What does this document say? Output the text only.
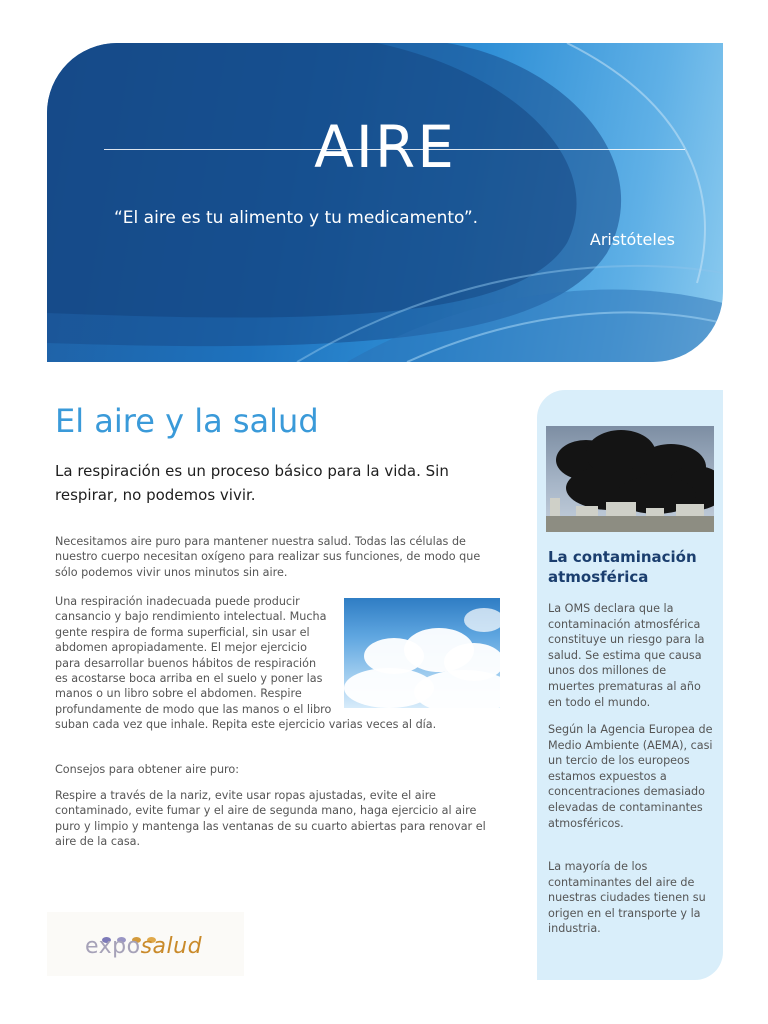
AIRE
“El aire es tu alimento y tu medicamento”.
Aristóteles
El aire y la salud
La respiración es un proceso básico para la vida. Sin respirar, no podemos vivir.
Necesitamos aire puro para mantener nuestra salud. Todas las células de nuestro cuerpo necesitan oxígeno para realizar sus funciones, de modo que sólo podemos vivir unos minutos sin aire.
Una respiración inadecuada puede producir cansancio y bajo rendimiento intelectual. Mucha gente respira de forma superficial, sin usar el abdomen apropiadamente. El mejor ejercicio para desarrollar buenos hábitos de respiración es acostarse boca arriba en el suelo y poner las manos o un libro sobre el abdomen. Respire profundamente de modo que las manos o el libro suban cada vez que inhale. Repita este ejercicio varias veces al día.
Consejos para obtener aire puro:
Respire a través de la nariz, evite usar ropas ajustadas, evite el aire contaminado, evite fumar y el aire de segunda mano, haga ejercicio al aire puro y limpio y mantenga las ventanas de su cuarto abiertas para renovar el aire de la casa.
exposalud
La contaminación atmosférica
La OMS declara que la contaminación atmosférica constituye un riesgo para la salud. Se estima que causa unos dos millones de muertes prematuras al año en todo el mundo.
Según la Agencia Europea de Medio Ambiente (AEMA), casi un tercio de los europeos estamos expuestos a concentraciones demasiado elevadas de contaminantes atmosféricos.
La mayoría de los contaminantes del aire de nuestras ciudades tienen su origen en el transporte y la industria.
